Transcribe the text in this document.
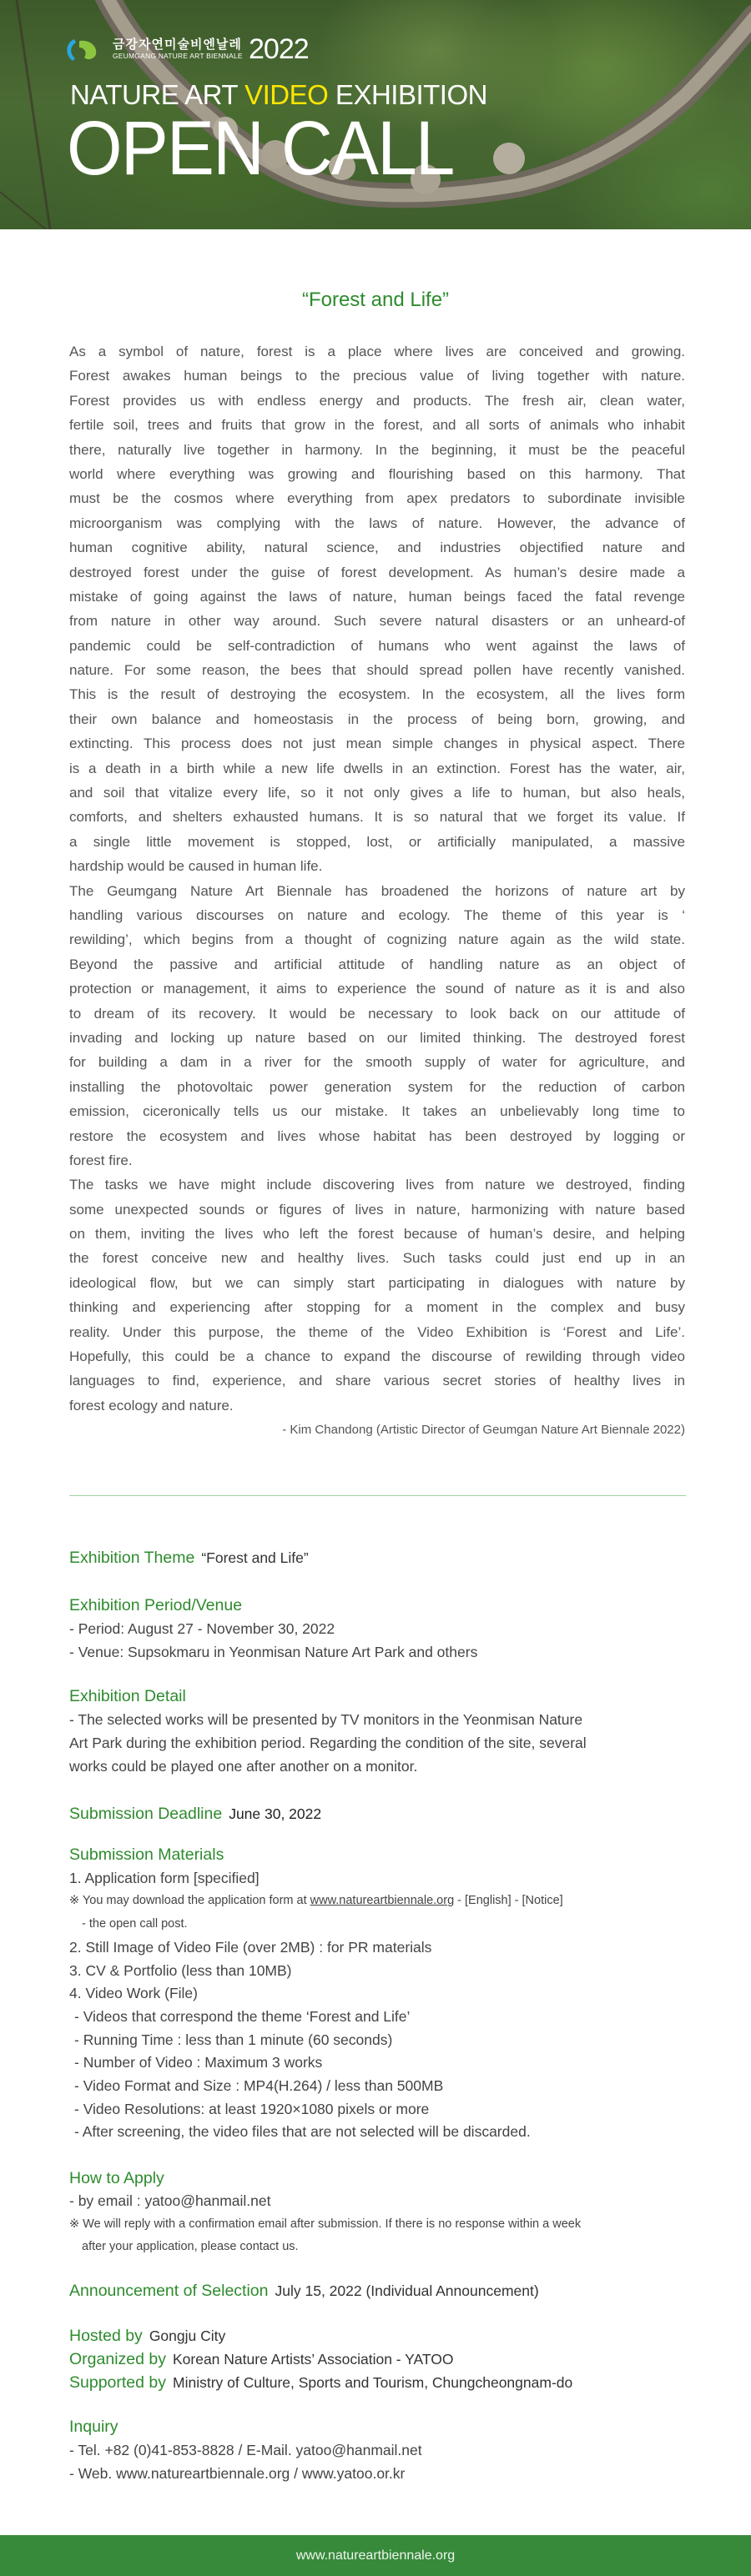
금강자연미술비엔날레
GEUMGANG NATURE ART BIENNALE 2022
NATURE ART VIDEO EXHIBITION
OPEN CALL
“Forest and Life”
As a symbol of nature, forest is a place where lives are conceived and growing.
Forest awakes human beings to the precious value of living together with nature.
Forest provides us with endless energy and products. The fresh air, clean water,
fertile soil, trees and fruits that grow in the forest, and all sorts of animals who inhabit
there, naturally live together in harmony. In the beginning, it must be the peaceful
world where everything was growing and flourishing based on this harmony. That
must be the cosmos where everything from apex predators to subordinate invisible
microorganism was complying with the laws of nature. However, the advance of
human cognitive ability, natural science, and industries objectified nature and
destroyed forest under the guise of forest development. As human’s desire made a
mistake of going against the laws of nature, human beings faced the fatal revenge
from nature in other way around. Such severe natural disasters or an unheard-of
pandemic could be self-contradiction of humans who went against the laws of
nature. For some reason, the bees that should spread pollen have recently vanished.
This is the result of destroying the ecosystem. In the ecosystem, all the lives form
their own balance and homeostasis in the process of being born, growing, and
extincting. This process does not just mean simple changes in physical aspect. There
is a death in a birth while a new life dwells in an extinction. Forest has the water, air,
and soil that vitalize every life, so it not only gives a life to human, but also heals,
comforts, and shelters exhausted humans. It is so natural that we forget its value. If
a single little movement is stopped, lost, or artificially manipulated, a massive
hardship would be caused in human life.
The Geumgang Nature Art Biennale has broadened the horizons of nature art by
handling various discourses on nature and ecology. The theme of this year is ‘
rewilding’, which begins from a thought of cognizing nature again as the wild state.
Beyond the passive and artificial attitude of handling nature as an object of
protection or management, it aims to experience the sound of nature as it is and also
to dream of its recovery. It would be necessary to look back on our attitude of
invading and locking up nature based on our limited thinking. The destroyed forest
for building a dam in a river for the smooth supply of water for agriculture, and
installing the photovoltaic power generation system for the reduction of carbon
emission, ciceronically tells us our mistake. It takes an unbelievably long time to
restore the ecosystem and lives whose habitat has been destroyed by logging or
forest fire.
The tasks we have might include discovering lives from nature we destroyed, finding
some unexpected sounds or figures of lives in nature, harmonizing with nature based
on them, inviting the lives who left the forest because of human’s desire, and helping
the forest conceive new and healthy lives. Such tasks could just end up in an
ideological flow, but we can simply start participating in dialogues with nature by
thinking and experiencing after stopping for a moment in the complex and busy
reality. Under this purpose, the theme of the Video Exhibition is ‘Forest and Life’.
Hopefully, this could be a chance to expand the discourse of rewilding through video
languages to find, experience, and share various secret stories of healthy lives in
forest ecology and nature.
- Kim Chandong (Artistic Director of Geumgan Nature Art Biennale 2022)
Exhibition Theme “Forest and Life”
Exhibition Period/Venue
- Period: August 27 - November 30, 2022
- Venue: Supsokmaru in Yeonmisan Nature Art Park and others
Exhibition Detail
- The selected works will be presented by TV monitors in the Yeonmisan Nature
Art Park during the exhibition period. Regarding the condition of the site, several
works could be played one after another on a monitor.
Submission Deadline June 30, 2022
Submission Materials
1. Application form [specified]
※ You may download the application form at www.natureartbiennale.org - [English] - [Notice]
- the open call post.
2. Still Image of Video File (over 2MB) : for PR materials
3. CV & Portfolio (less than 10MB)
4. Video Work (File)
- Videos that correspond the theme ‘Forest and Life’
- Running Time : less than 1 minute (60 seconds)
- Number of Video : Maximum 3 works
- Video Format and Size : MP4(H.264) / less than 500MB
- Video Resolutions: at least 1920×1080 pixels or more
- After screening, the video files that are not selected will be discarded.
How to Apply
- by email : yatoo@hanmail.net
※ We will reply with a confirmation email after submission. If there is no response within a week
after your application, please contact us.
Announcement of Selection July 15, 2022 (Individual Announcement)
Hosted by Gongju City
Organized by Korean Nature Artists’ Association - YATOO
Supported by Ministry of Culture, Sports and Tourism, Chungcheongnam-do
Inquiry
- Tel. +82 (0)41-853-8828 / E-Mail. yatoo@hanmail.net
- Web. www.natureartbiennale.org / www.yatoo.or.kr
www.natureartbiennale.org
